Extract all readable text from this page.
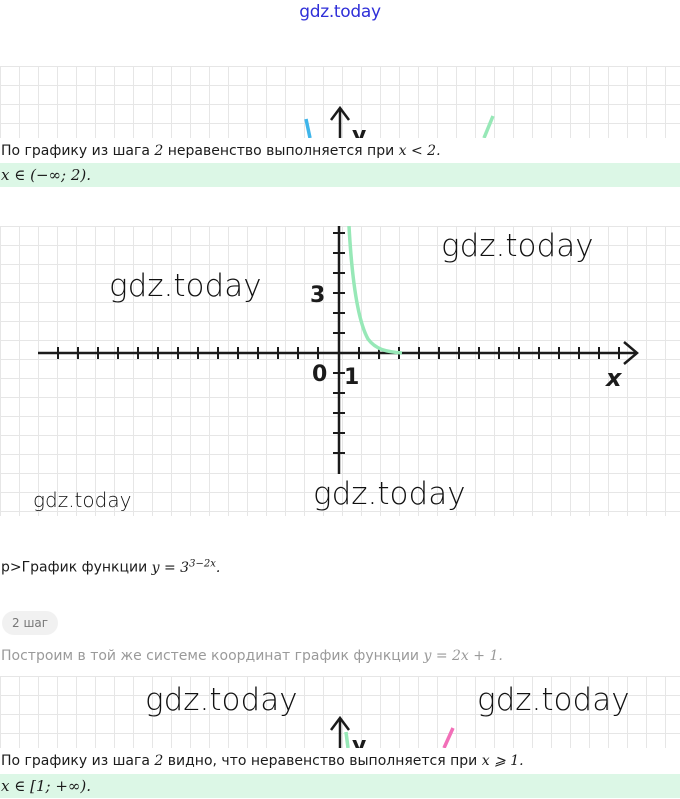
gdz.today
y
По графику из шага 2 неравенство выполняется при x < 2.
x ∈ (−∞; 2).
3
0 1	x
gdz.today
gdz.today
gdz.today	gdz.today
p>График функции $y = 3^{3-2x}$.
2 шаг
Построим в той же системе координат график функции y = 2x + 1.
y
gdz.today	gdz.today
По графику из шага 2 видно, что неравенство выполняется при x ⩾ 1.
x ∈ [1; +∞).
